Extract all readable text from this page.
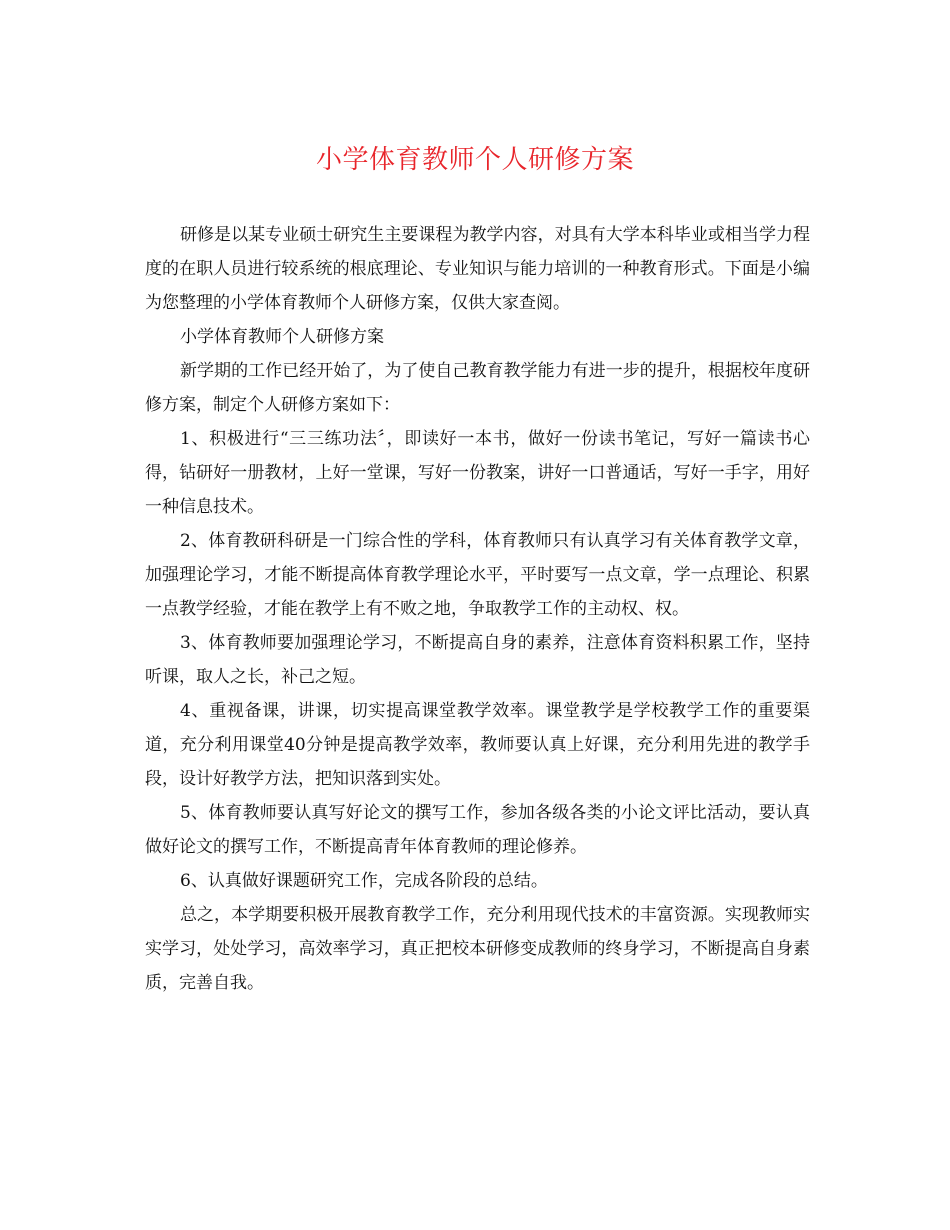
小学体育教师个人研修方案

研修是以某专业硕士研究生主要课程为教学内容，对具有大学本科毕业或相当学力程度的在职人员进行较系统的根底理论、专业知识与能力培训的一种教育形式。下面是小编为您整理的小学体育教师个人研修方案，仅供大家查阅。

小学体育教师个人研修方案

新学期的工作已经开始了，为了使自己教育教学能力有进一步的提升，根据校年度研修方案，制定个人研修方案如下：

1、积极进行“三三练功法〞，即读好一本书，做好一份读书笔记，写好一篇读书心得，钻研好一册教材，上好一堂课，写好一份教案，讲好一口普通话，写好一手字，用好一种信息技术。

2、体育教研科研是一门综合性的学科，体育教师只有认真学习有关体育教学文章，加强理论学习，才能不断提高体育教学理论水平，平时要写一点文章，学一点理论、积累一点教学经验，才能在教学上有不败之地，争取教学工作的主动权、权。

3、体育教师要加强理论学习，不断提高自身的素养，注意体育资料积累工作，坚持听课，取人之长，补己之短。

4、重视备课，讲课，切实提高课堂教学效率。课堂教学是学校教学工作的重要渠道，充分利用课堂40分钟是提高教学效率，教师要认真上好课，充分利用先进的教学手段，设计好教学方法，把知识落到实处。

5、体育教师要认真写好论文的撰写工作，参加各级各类的小论文评比活动，要认真做好论文的撰写工作，不断提高青年体育教师的理论修养。

6、认真做好课题研究工作，完成各阶段的总结。

总之，本学期要积极开展教育教学工作，充分利用现代技术的丰富资源。实现教师实实学习，处处学习，高效率学习，真正把校本研修变成教师的终身学习，不断提高自身素质，完善自我。
